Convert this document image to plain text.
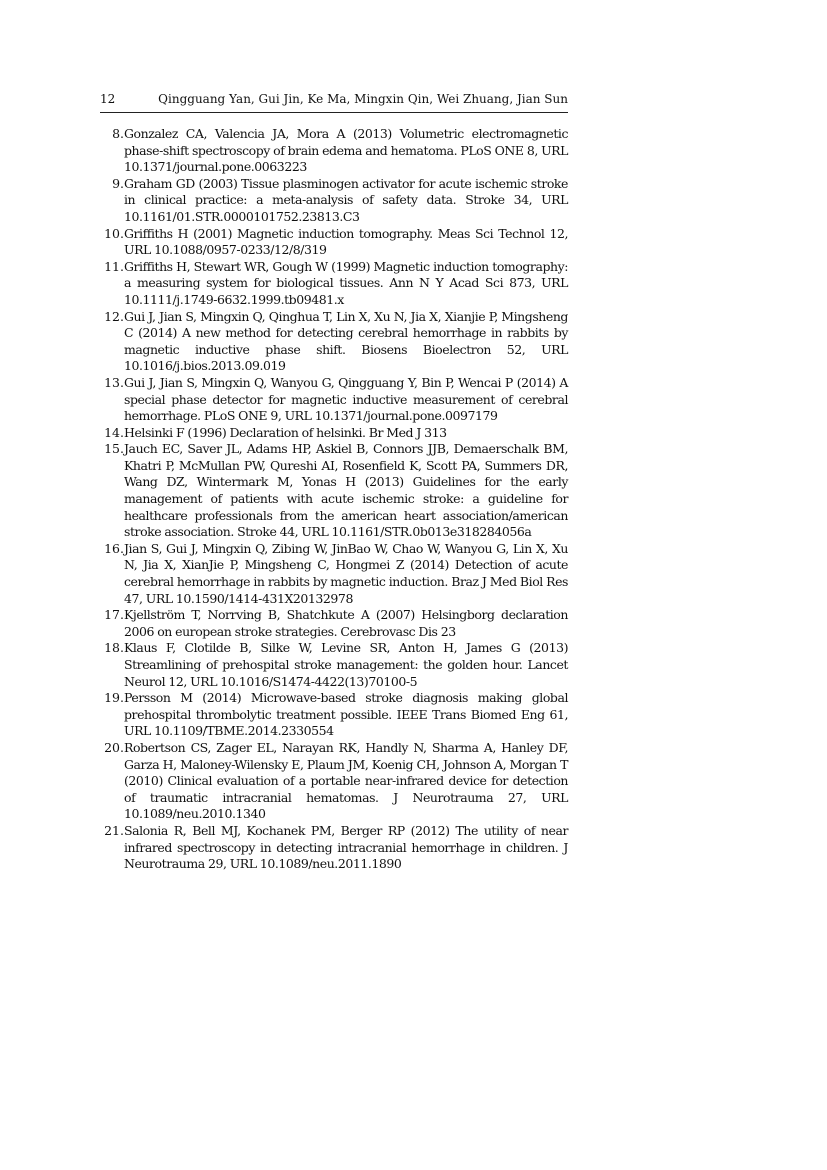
12	Qingguang Yan, Gui Jin, Ke Ma, Mingxin Qin, Wei Zhuang, Jian Sun
8. Gonzalez CA, Valencia JA, Mora A (2013) Volumetric electromagnetic phase-shift spectroscopy of brain edema and hematoma. PLoS ONE 8, URL 10.1371/journal.pone.0063223
9. Graham GD (2003) Tissue plasminogen activator for acute ischemic stroke in clinical practice: a meta-analysis of safety data. Stroke 34, URL 10.1161/01.STR.0000101752.23813.C3
10. Griffiths H (2001) Magnetic induction tomography. Meas Sci Technol 12, URL 10.1088/0957-0233/12/8/319
11. Griffiths H, Stewart WR, Gough W (1999) Magnetic induction tomography: a measuring system for biological tissues. Ann N Y Acad Sci 873, URL 10.1111/j.1749-6632.1999.tb09481.x
12. Gui J, Jian S, Mingxin Q, Qinghua T, Lin X, Xu N, Jia X, Xianjie P, Mingsheng C (2014) A new method for detecting cerebral hemorrhage in rabbits by magnetic inductive phase shift. Biosens Bioelectron 52, URL 10.1016/j.bios.2013.09.019
13. Gui J, Jian S, Mingxin Q, Wanyou G, Qingguang Y, Bin P, Wencai P (2014) A special phase detector for magnetic inductive measurement of cerebral hemorrhage. PLoS ONE 9, URL 10.1371/journal.pone.0097179
14. Helsinki F (1996) Declaration of helsinki. Br Med J 313
15. Jauch EC, Saver JL, Adams HP, Askiel B, Connors JJB, Demaerschalk BM, Khatri P, McMullan PW, Qureshi AI, Rosenfield K, Scott PA, Summers DR, Wang DZ, Wintermark M, Yonas H (2013) Guidelines for the early management of patients with acute ischemic stroke: a guideline for healthcare professionals from the american heart association/american stroke association. Stroke 44, URL 10.1161/STR.0b013e318284056a
16. Jian S, Gui J, Mingxin Q, Zibing W, JinBao W, Chao W, Wanyou G, Lin X, Xu N, Jia X, XianJie P, Mingsheng C, Hongmei Z (2014) Detection of acute cerebral hemorrhage in rabbits by magnetic induction. Braz J Med Biol Res 47, URL 10.1590/1414-431X20132978
17. Kjellström T, Norrving B, Shatchkute A (2007) Helsingborg declaration 2006 on european stroke strategies. Cerebrovasc Dis 23
18. Klaus F, Clotilde B, Silke W, Levine SR, Anton H, James G (2013) Streamlining of prehospital stroke management: the golden hour. Lancet Neurol 12, URL 10.1016/S1474-4422(13)70100-5
19. Persson M (2014) Microwave-based stroke diagnosis making global prehospital thrombolytic treatment possible. IEEE Trans Biomed Eng 61, URL 10.1109/TBME.2014.2330554
20. Robertson CS, Zager EL, Narayan RK, Handly N, Sharma A, Hanley DF, Garza H, Maloney-Wilensky E, Plaum JM, Koenig CH, Johnson A, Morgan T (2010) Clinical evaluation of a portable near-infrared device for detection of traumatic intracranial hematomas. J Neurotrauma 27, URL 10.1089/neu.2010.1340
21. Salonia R, Bell MJ, Kochanek PM, Berger RP (2012) The utility of near infrared spectroscopy in detecting intracranial hemorrhage in children. J Neurotrauma 29, URL 10.1089/neu.2011.1890
